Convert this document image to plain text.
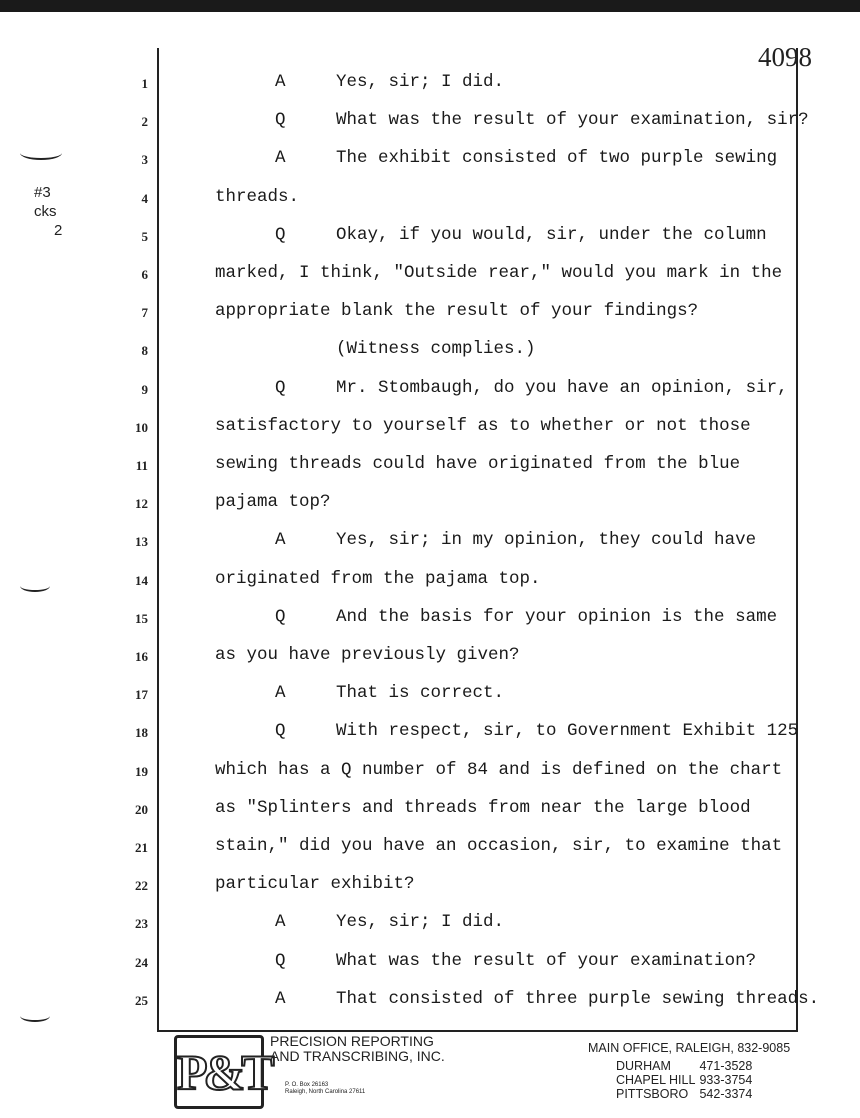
4098
#3
cks
2
1	A	Yes, sir; I did.
2	Q	What was the result of your examination, sir?
3	A	The exhibit consisted of two purple sewing
4	threads.
5	Q	Okay, if you would, sir, under the column
6	marked, I think, "Outside rear," would you mark in the
7	appropriate blank the result of your findings?
8	(Witness complies.)
9	Q	Mr. Stombaugh, do you have an opinion, sir,
10	satisfactory to yourself as to whether or not those
11	sewing threads could have originated from the blue
12	pajama top?
13	A	Yes, sir; in my opinion, they could have
14	originated from the pajama top.
15	Q	And the basis for your opinion is the same
16	as you have previously given?
17	A	That is correct.
18	Q	With respect, sir, to Government Exhibit 125
19	which has a Q number of 84 and is defined on the chart
20	as "Splinters and threads from near the large blood
21	stain," did you have an occasion, sir, to examine that
22	particular exhibit?
23	A	Yes, sir; I did.
24	Q	What was the result of your examination?
25	A	That consisted of three purple sewing threads.
P&T
PRECISION REPORTING
AND TRANSCRIBING, INC.
P. O. Box 26163
Raleigh, North Carolina 27611
MAIN OFFICE, RALEIGH, 832-9085
DURHAM 471-3528
CHAPEL HILL 933-3754
PITTSBORO 542-3374
